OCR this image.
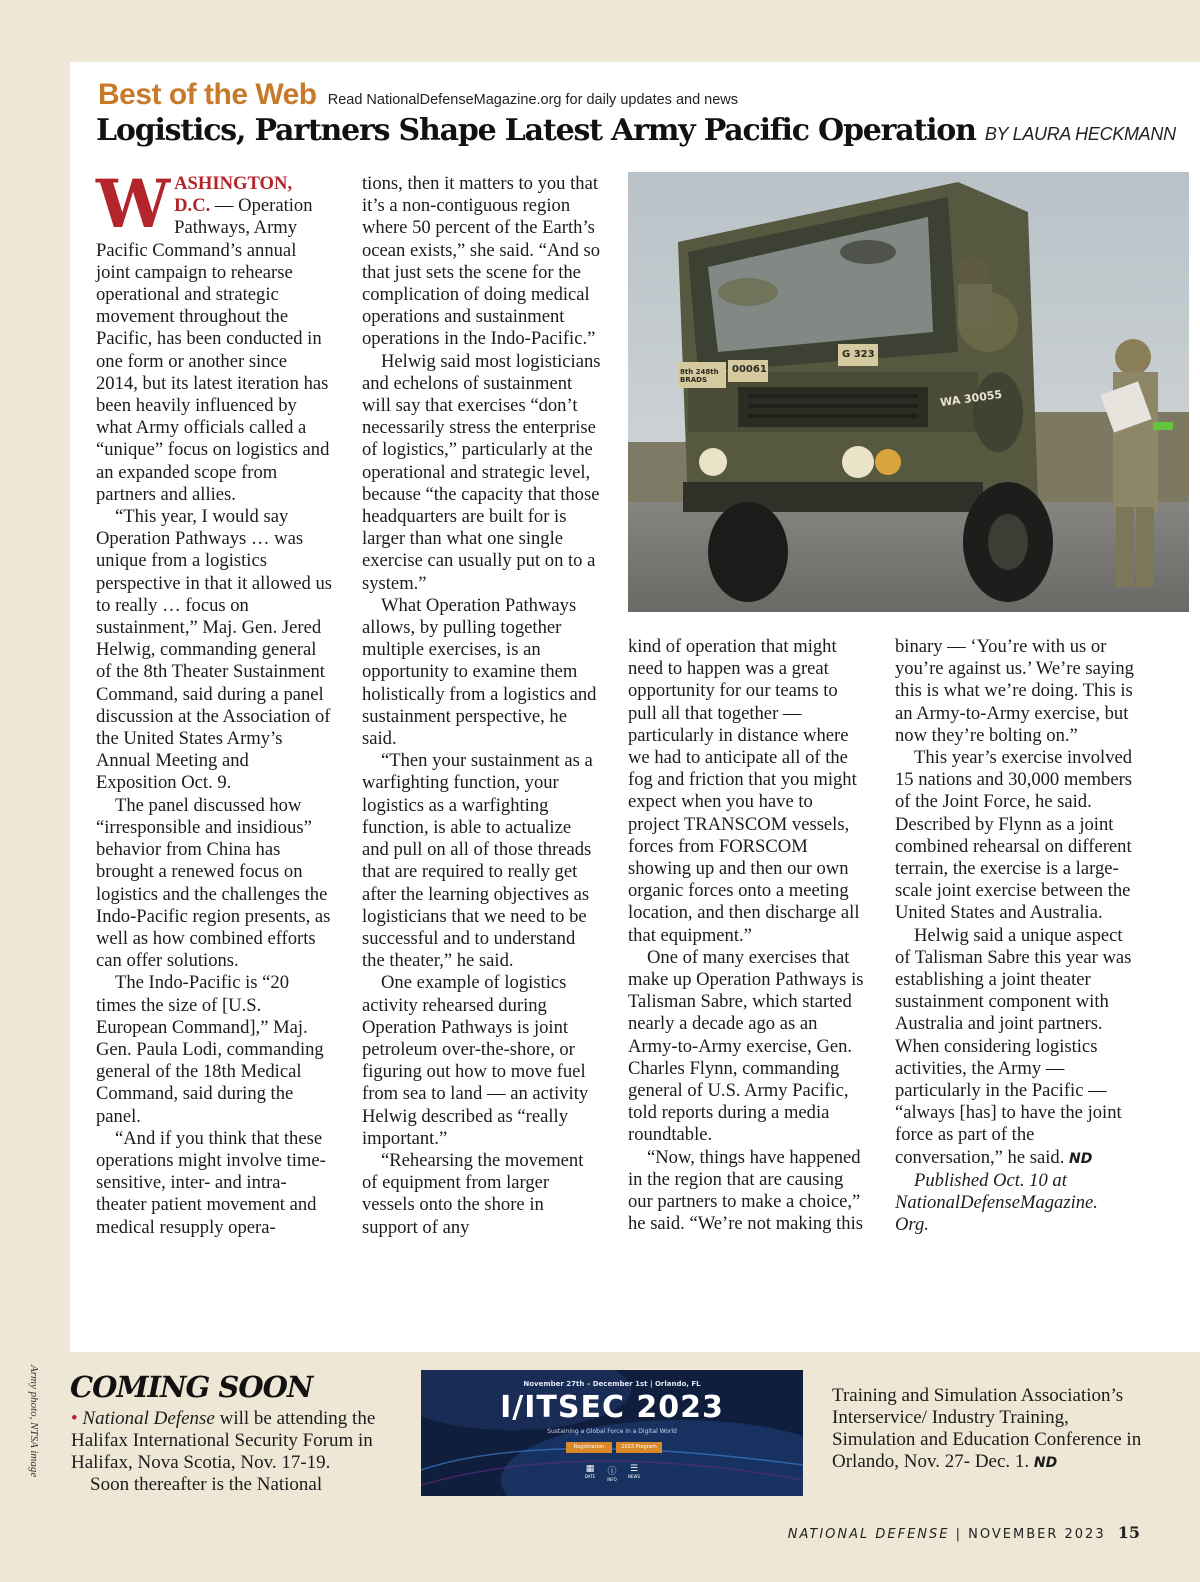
Best of the Web Read NationalDefenseMagazine.org for daily updates and news
Logistics, Partners Shape Latest Army Pacific Operation BY LAURA HECKMANN

WASHINGTON, D.C. — Operation Pathways, Army Pacific Command’s annual joint campaign to rehearse operational and strategic movement throughout the Pacific, has been conducted in one form or another since 2014, but its latest iteration has been heavily influenced by what Army officials called a “unique” focus on logistics and an expanded scope from partners and allies.

“This year, I would say Operation Pathways … was unique from a logistics perspective in that it allowed us to really … focus on sustainment,” Maj. Gen. Jered Helwig, commanding general of the 8th Theater Sustainment Command, said during a panel discussion at the Association of the United States Army’s Annual Meeting and Exposition Oct. 9.

The panel discussed how “irresponsible and insidious” behavior from China has brought a renewed focus on logistics and the challenges the Indo-Pacific region presents, as well as how combined efforts can offer solutions.

The Indo-Pacific is “20 times the size of [U.S. European Command],” Maj. Gen. Paula Lodi, commanding general of the 18th Medical Command, said during the panel.

“And if you think that these operations might involve time-sensitive, inter- and intra-theater patient movement and medical resupply opera-

tions, then it matters to you that it’s a non-contiguous region where 50 percent of the Earth’s ocean exists,” she said. “And so that just sets the scene for the complication of doing medical operations and sustainment operations in the Indo-Pacific.”

Helwig said most logisticians and echelons of sustainment will say that exercises “don’t necessarily stress the enterprise of logistics,” particularly at the operational and strategic level, because “the capacity that those headquarters are built for is larger than what one single exercise can usually put on to a system.”

What Operation Pathways allows, by pulling together multiple exercises, is an opportunity to examine them holistically from a logistics and sustainment perspective, he said.

“Then your sustainment as a warfighting function, your logistics as a warfighting function, is able to actualize and pull on all of those threads that are required to really get after the learning objectives as logisticians that we need to be successful and to understand the theater,” he said.

One example of logistics activity rehearsed during Operation Pathways is joint petroleum over-the-shore, or figuring out how to move fuel from sea to land — an activity Helwig described as “really important.”

“Rehearsing the movement of equipment from larger vessels onto the shore in support of any

8th 248th BRADS
00061
G 323
WA 30055

kind of operation that might need to happen was a great opportunity for our teams to pull all that together — particularly in distance where we had to anticipate all of the fog and friction that you might expect when you have to project TRANSCOM vessels, forces from FORSCOM showing up and then our own organic forces onto a meeting location, and then discharge all that equipment.”

One of many exercises that make up Operation Pathways is Talisman Sabre, which started nearly a decade ago as an Army-to-Army exercise, Gen. Charles Flynn, commanding general of U.S. Army Pacific, told reports during a media roundtable.

“Now, things have happened in the region that are causing our partners to make a choice,” he said. “We’re not making this

binary — ‘You’re with us or you’re against us.’ We’re saying this is what we’re doing. This is an Army-to-Army exercise, but now they’re bolting on.”

This year’s exercise involved 15 nations and 30,000 members of the Joint Force, he said. Described by Flynn as a joint combined rehearsal on different terrain, the exercise is a large-scale joint exercise between the United States and Australia.

Helwig said a unique aspect of Talisman Sabre this year was establishing a joint theater sustainment component with Australia and joint partners. When considering logistics activities, the Army — particularly in the Pacific — “always [has] to have the joint force as part of the conversation,” he said. ND

Published Oct. 10 at NationalDefenseMagazine. Org.

Army photo, NTSA image COMING SOON

• National Defense will be attending the Halifax International Security Forum in Halifax, Nova Scotia, Nov. 17-19.

Soon thereafter is the National

November 27th – December 1st | Orlando, FL
I/ITSEC 2023
Sustaining a Global Force in a Digital World
Registration	2023 Program
▦
DATE	ⓘ
INFO
☰
NEWS
Training and Simulation Association’s Interservice/ Industry Training, Simulation and Education Conference in Orlando, Nov. 27- Dec. 1. ND
NATIONAL DEFENSE | NOVEMBER 2023 15
